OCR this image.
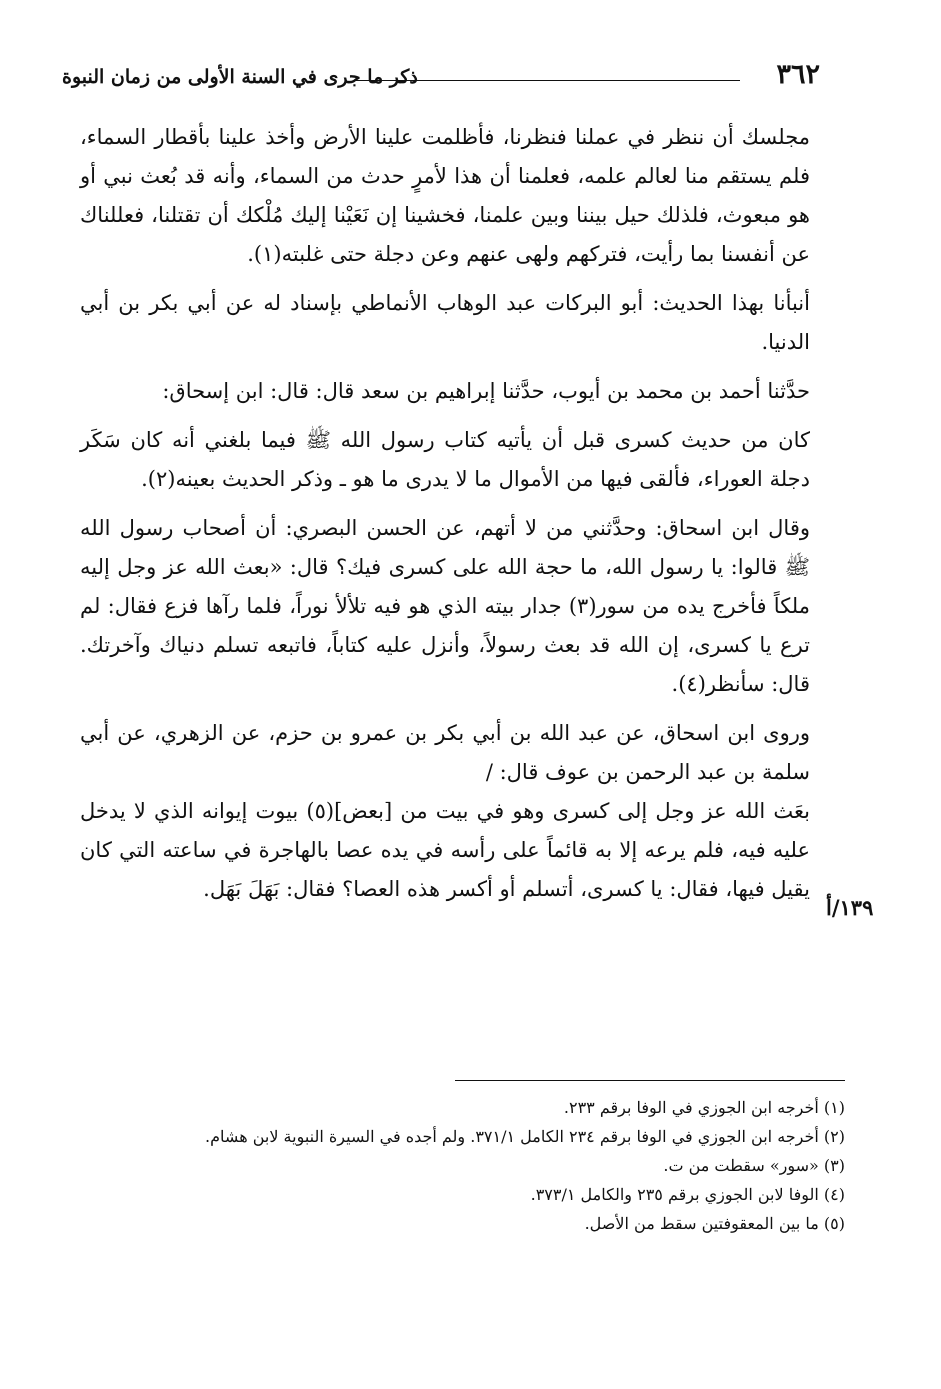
٣٦٢
ذكر ما جرى في السنة الأولى من زمان النبوة

مجلسك أن ننظر في عملنا فنظرنا، فأظلمت علينا الأرض وأخذ علينا بأقطار السماء، فلم يستقم منا لعالم علمه، فعلمنا أن هذا لأمرٍ حدث من السماء، وأنه قد بُعث نبي أو هو مبعوث، فلذلك حيل بيننا وبين علمنا، فخشينا إن نَعَيْنا إليك مُلْكك أن تقتلنا، فعللناك عن أنفسنا بما رأيت، فتركهم ولهى عنهم وعن دجلة حتى غلبته(١).

أنبأنا بهذا الحديث: أبو البركات عبد الوهاب الأنماطي بإسناد له عن أبي بكر بن أبي الدنيا.

حدَّثنا أحمد بن محمد بن أيوب، حدَّثنا إبراهيم بن سعد قال: قال: ابن إسحاق:

كان من حديث كسرى قبل أن يأتيه كتاب رسول الله ﷺ فيما بلغني أنه كان سَكَر دجلة العوراء، فألقى فيها من الأموال ما لا يدرى ما هو ـ وذكر الحديث بعينه(٢).

وقال ابن اسحاق: وحدَّثني من لا أتهم، عن الحسن البصري: أن أصحاب رسول الله ﷺ قالوا: يا رسول الله، ما حجة الله على كسرى فيك؟ قال: «بعث الله عز وجل إليه ملكاً فأخرج يده من سور(٣) جدار بيته الذي هو فيه تلألأ نوراً، فلما رآها فزع فقال: لم ترع يا كسرى، إن الله قد بعث رسولاً، وأنزل عليه كتاباً، فاتبعه تسلم دنياك وآخرتك. قال: سأنظر(٤).

وروى ابن اسحاق، عن عبد الله بن أبي بكر بن عمرو بن حزم، عن الزهري، عن أبي سلمة بن عبد الرحمن بن عوف قال: /

بعَث الله عز وجل إلى كسرى وهو في بيت من [بعض](٥) بيوت إيوانه الذي لا يدخل عليه فيه، فلم يرعه إلا به قائماً على رأسه في يده عصا بالهاجرة في ساعته التي كان يقيل فيها، فقال: يا كسرى، أتسلم أو أكسر هذه العصا؟ فقال: بَهَلَ بَهَل.

١٣٩/أ

(١) أخرجه ابن الجوزي في الوفا برقم ٢٣٣.

(٢) أخرجه ابن الجوزي في الوفا برقم ٢٣٤ الكامل ٣٧١/١. ولم أجده في السيرة النبوية لابن هشام.

(٣) «سور» سقطت من ت.

(٤) الوفا لابن الجوزي برقم ٢٣٥ والكامل ٣٧٣/١.

(٥) ما بين المعقوفتين سقط من الأصل.
